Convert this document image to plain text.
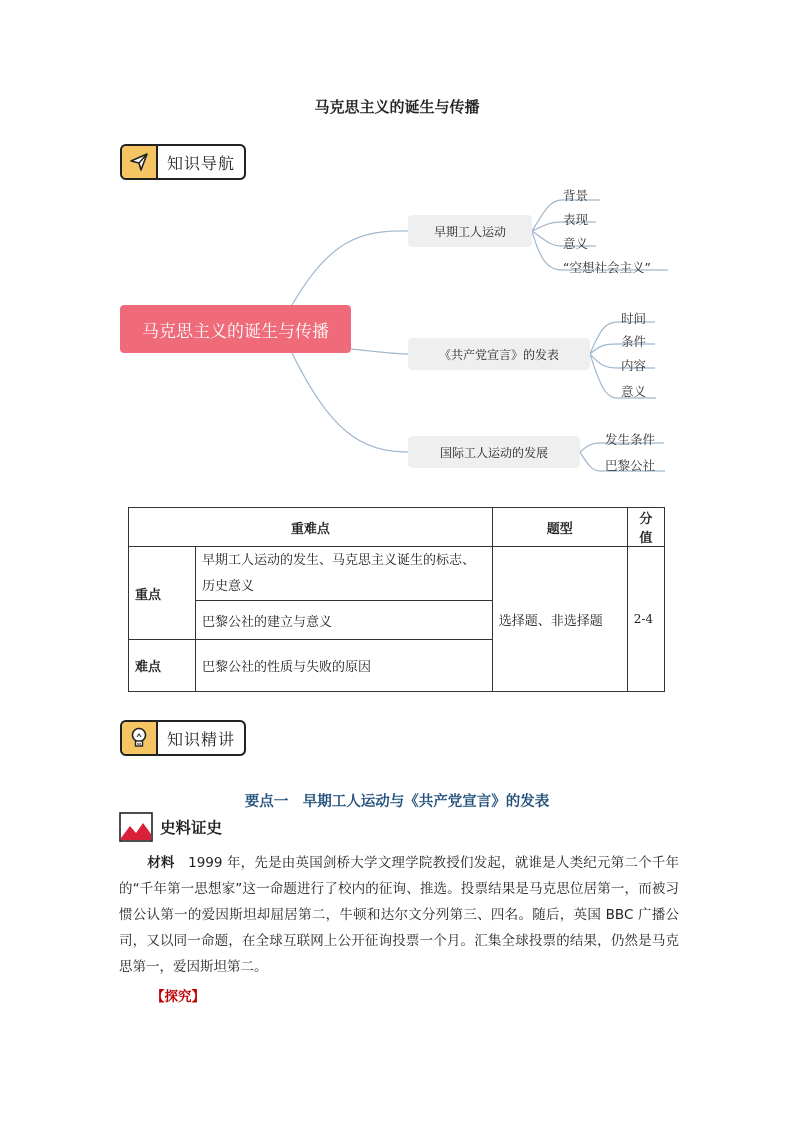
马克思主义的诞生与传播
知识导航
马克思主义的诞生与传播
早期工人运动
《共产党宣言》的发表
国际工人运动的发展
背景
表现
意义
“空想社会主义”
时间
条件
内容
意义
发生条件
巴黎公社
重难点		题型	分值
重点	早期工人运动的发生、马克思主义诞生的标志、历史意义	选择题、非选择题	2-4
	巴黎公社的建立与意义		
难点	巴黎公社的性质与失败的原因		
知识精讲
要点一　早期工人运动与《共产党宣言》的发表
史料证史
材料 1999 年，先是由英国剑桥大学文理学院教授们发起，就谁是人类纪元第二个千年的“千年第一思想家”这一命题进行了校内的征询、推选。投票结果是马克思位居第一，而被习惯公认第一的爱因斯坦却屈居第二，牛顿和达尔文分列第三、四名。随后，英国 BBC 广播公司，又以同一命题，在全球互联网上公开征询投票一个月。汇集全球投票的结果，仍然是马克思第一，爱因斯坦第二。
【探究】
